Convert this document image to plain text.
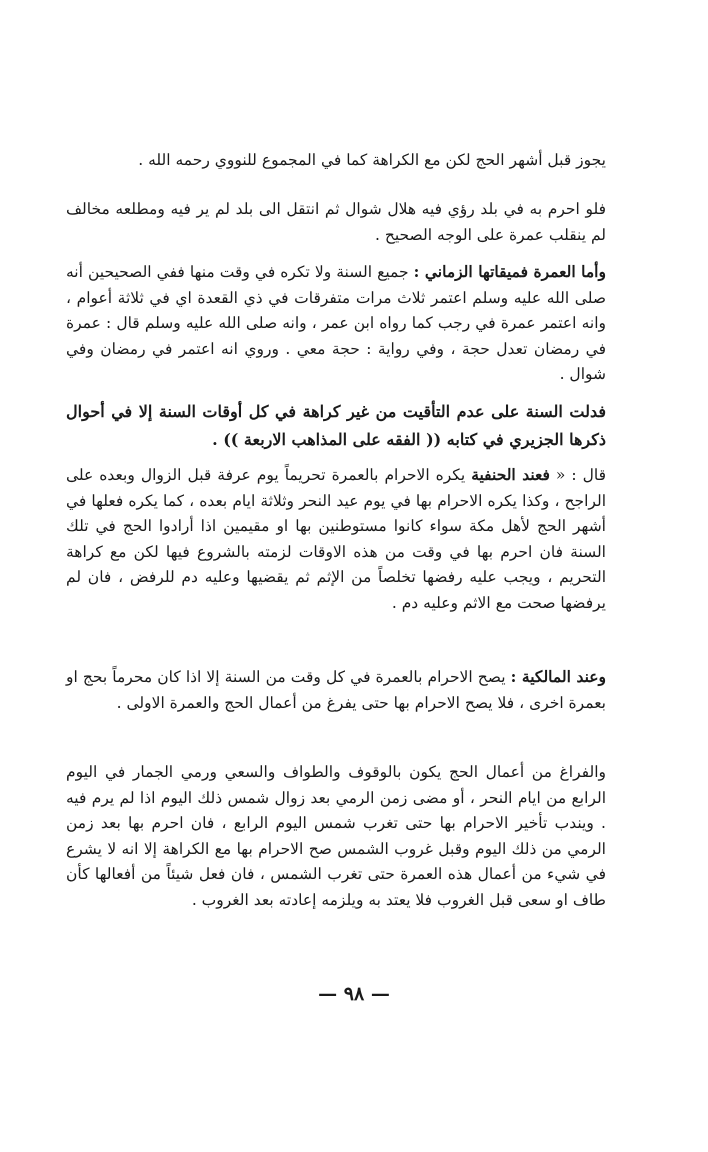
يجوز قبل أشهر الحج لكن مع الكراهة كما في المجموع للنووي رحمه الله .

فلو احرم به في بلد رؤي فيه هلال شوال ثم انتقل الى بلد لم ير فيه ومطلعه مخالف لم ينقلب عمرة على الوجه الصحيح .

وأما العمرة فميقاتها الزماني : جميع السنة ولا تكره في وقت منها ففي الصحيحين أنه صلى الله عليه وسلم اعتمر ثلاث مرات متفرقات في ذي القعدة اي في ثلاثة أعوام ، وانه اعتمر عمرة في رجب كما رواه ابن عمر ، وانه صلى الله عليه وسلم قال : عمرة في رمضان تعدل حجة ، وفي رواية : حجة معي . وروي انه اعتمر في رمضان وفي شوال .

فدلت السنة على عدم التأقيت من غير كراهة في كل أوقات السنة إلا في أحوال ذكرها الجزيري في كتابه (( الفقه على المذاهب الاربعة )) .

قال : « فعند الحنفية يكره الاحرام بالعمرة تحريماً يوم عرفة قبل الزوال وبعده على الراجح ، وكذا يكره الاحرام بها في يوم عيد النحر وثلاثة ايام بعده ، كما يكره فعلها في أشهر الحج لأهل مكة سواء كانوا مستوطنين بها او مقيمين اذا أرادوا الحج في تلك السنة فان احرم بها في وقت من هذه الاوقات لزمته بالشروع فيها لكن مع كراهة التحريم ، ويجب عليه رفضها تخلصاً من الإثم ثم يقضيها وعليه دم للرفض ، فان لم يرفضها صحت مع الاثم وعليه دم .

وعند المالكية : يصح الاحرام بالعمرة في كل وقت من السنة إلا اذا كان محرماً بحج او بعمرة اخرى ، فلا يصح الاحرام بها حتى يفرغ من أعمال الحج والعمرة الاولى .

والفراغ من أعمال الحج يكون بالوقوف والطواف والسعي ورمي الجمار في اليوم الرابع من ايام النحر ، أو مضى زمن الرمي بعد زوال شمس ذلك اليوم اذا لم يرم فيه . ويندب تأخير الاحرام بها حتى تغرب شمس اليوم الرابع ، فان احرم بها بعد زمن الرمي من ذلك اليوم وقبل غروب الشمس صح الاحرام بها مع الكراهة إلا انه لا يشرع في شيء من أعمال هذه العمرة حتى تغرب الشمس ، فان فعل شيئاً من أفعالها كأن طاف او سعى قبل الغروب فلا يعتد به ويلزمه إعادته بعد الغروب .

— ٩٨ —
